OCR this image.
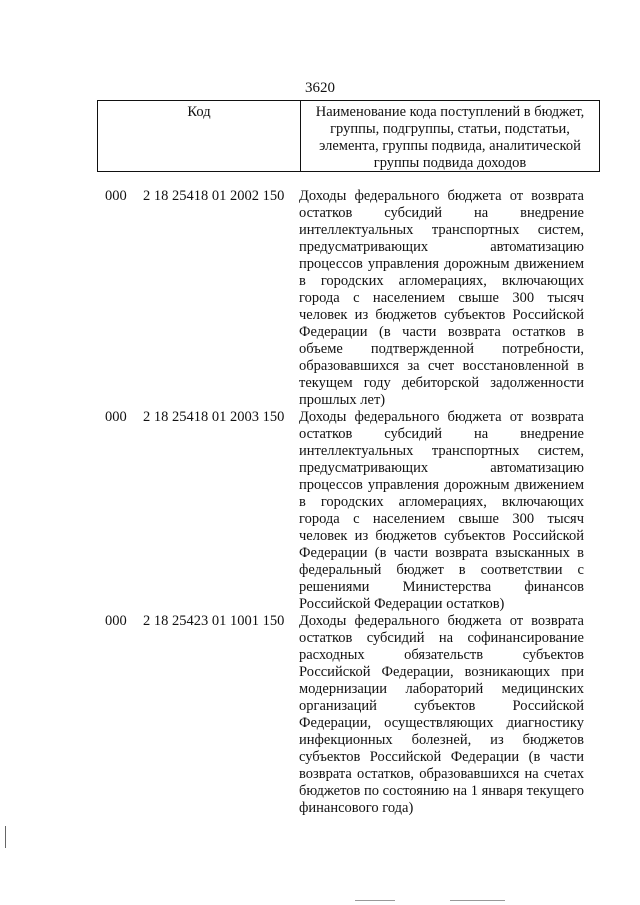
3620
Код	Наименование кода поступлений в бюджет,
группы, подгруппы, статьи, подстатьи,
элемента, группы подвида, аналитической
группы подвида доходов
000	2 18 25418 01 2002 150	Доходы федерального бюджета от возврата
остатков субсидий на внедрение
интеллектуальных транспортных систем,
предусматривающих автоматизацию
процессов управления дорожным движением
в городских агломерациях, включающих
города с населением свыше 300 тысяч
человек из бюджетов субъектов Российской
Федерации (в части возврата остатков в
объеме подтвержденной потребности,
образовавшихся за счет восстановленной в
текущем году дебиторской задолженности
прошлых лет)
000	2 18 25418 01 2003 150	Доходы федерального бюджета от возврата
остатков субсидий на внедрение
интеллектуальных транспортных систем,
предусматривающих автоматизацию
процессов управления дорожным движением
в городских агломерациях, включающих
города с населением свыше 300 тысяч
человек из бюджетов субъектов Российской
Федерации (в части возврата взысканных в
федеральный бюджет в соответствии с
решениями Министерства финансов
Российской Федерации остатков)
000	2 18 25423 01 1001 150	Доходы федерального бюджета от возврата
остатков субсидий на софинансирование
расходных обязательств субъектов
Российской Федерации, возникающих при
модернизации лабораторий медицинских
организаций субъектов Российской
Федерации, осуществляющих диагностику
инфекционных болезней, из бюджетов
субъектов Российской Федерации (в части
возврата остатков, образовавшихся на счетах
бюджетов по состоянию на 1 января текущего
финансового года)
